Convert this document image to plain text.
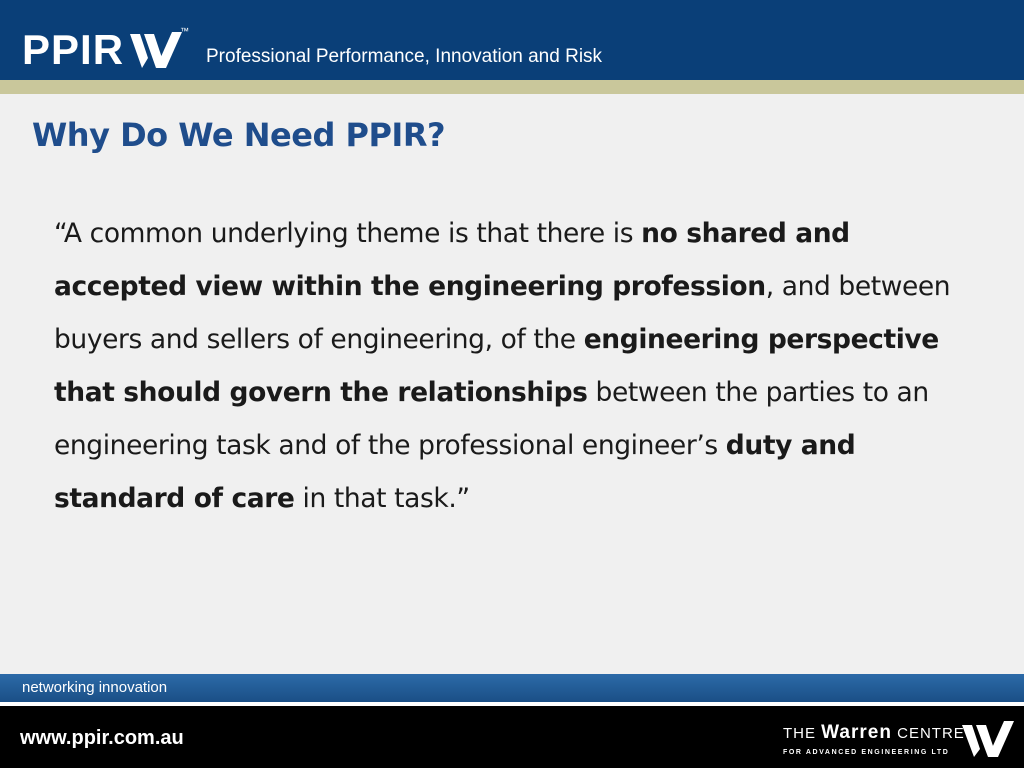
PPIR	™
Professional Performance, Innovation and Risk
Why Do We Need PPIR?
“A common underlying theme is that there is no shared and accepted view within the engineering profession, and between buyers and sellers of engineering, of the engineering perspective that should govern the relationships between the parties to an engineering task and of the professional engineer’s duty and standard of care in that task.”
networking innovation
www.ppir.com.au	THE Warren CENTRE
FOR ADVANCED ENGINEERING LTD
